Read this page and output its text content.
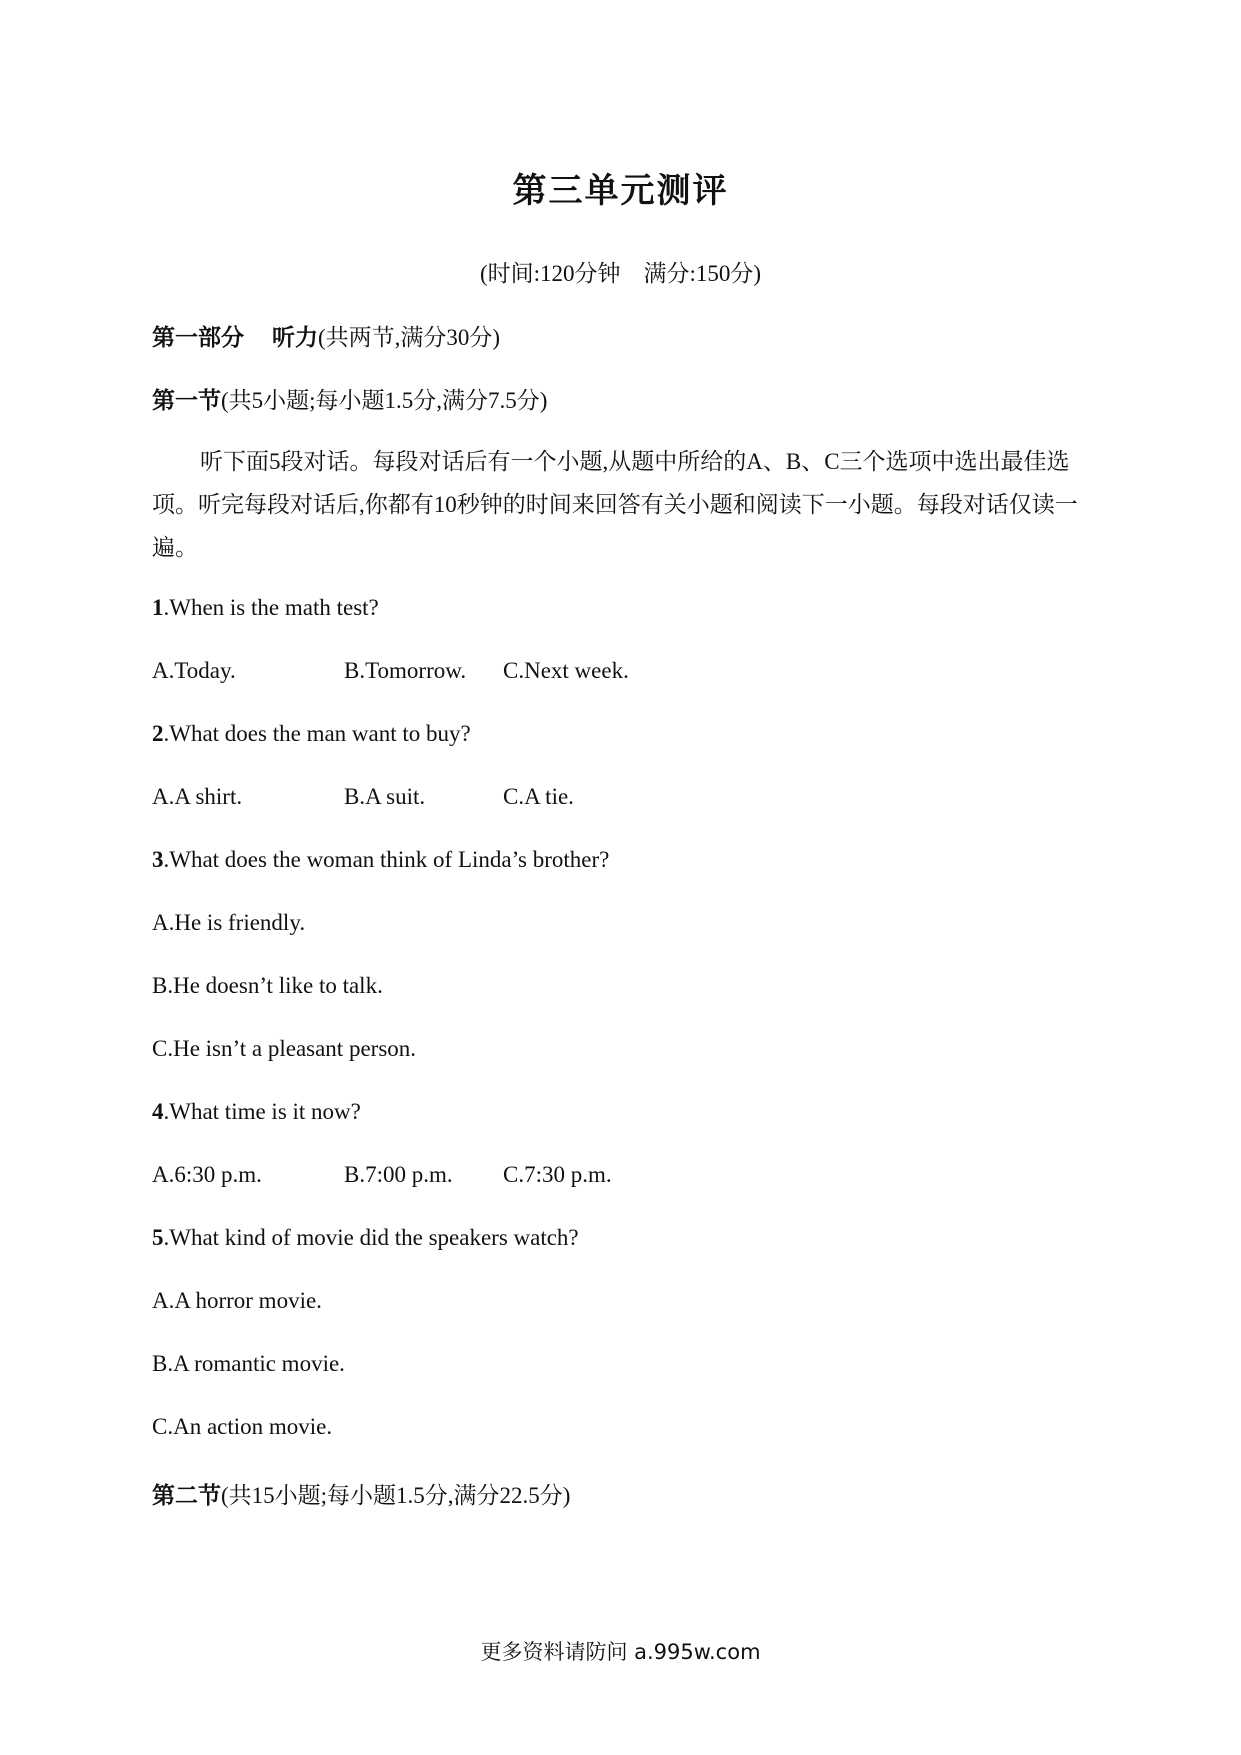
第三单元测评
(时间:120分钟　满分:150分)
第一部分 听力(共两节,满分30分)
第一节(共5小题;每小题1.5分,满分7.5分)
听下面5段对话。每段对话后有一个小题,从题中所给的A、B、C三个选项中选出最佳选项。听完每段对话后,你都有10秒钟的时间来回答有关小题和阅读下一小题。每段对话仅读一遍。
1.When is the math test?
A.Today.	B.Tomorrow. C.Next week.
2.What does the man want to buy?
A.A shirt.	B.A suit.	C.A tie.
3.What does the woman think of Linda’s brother?
A.He is friendly.
B.He doesn’t like to talk.
C.He isn’t a pleasant person.
4.What time is it now?
A.6:30 p.m.	B.7:00 p.m. C.7:30 p.m.
5.What kind of movie did the speakers watch?
A.A horror movie.
B.A romantic movie.
C.An action movie.
第二节(共15小题;每小题1.5分,满分22.5分)
更多资料请防问 a.995w.com
